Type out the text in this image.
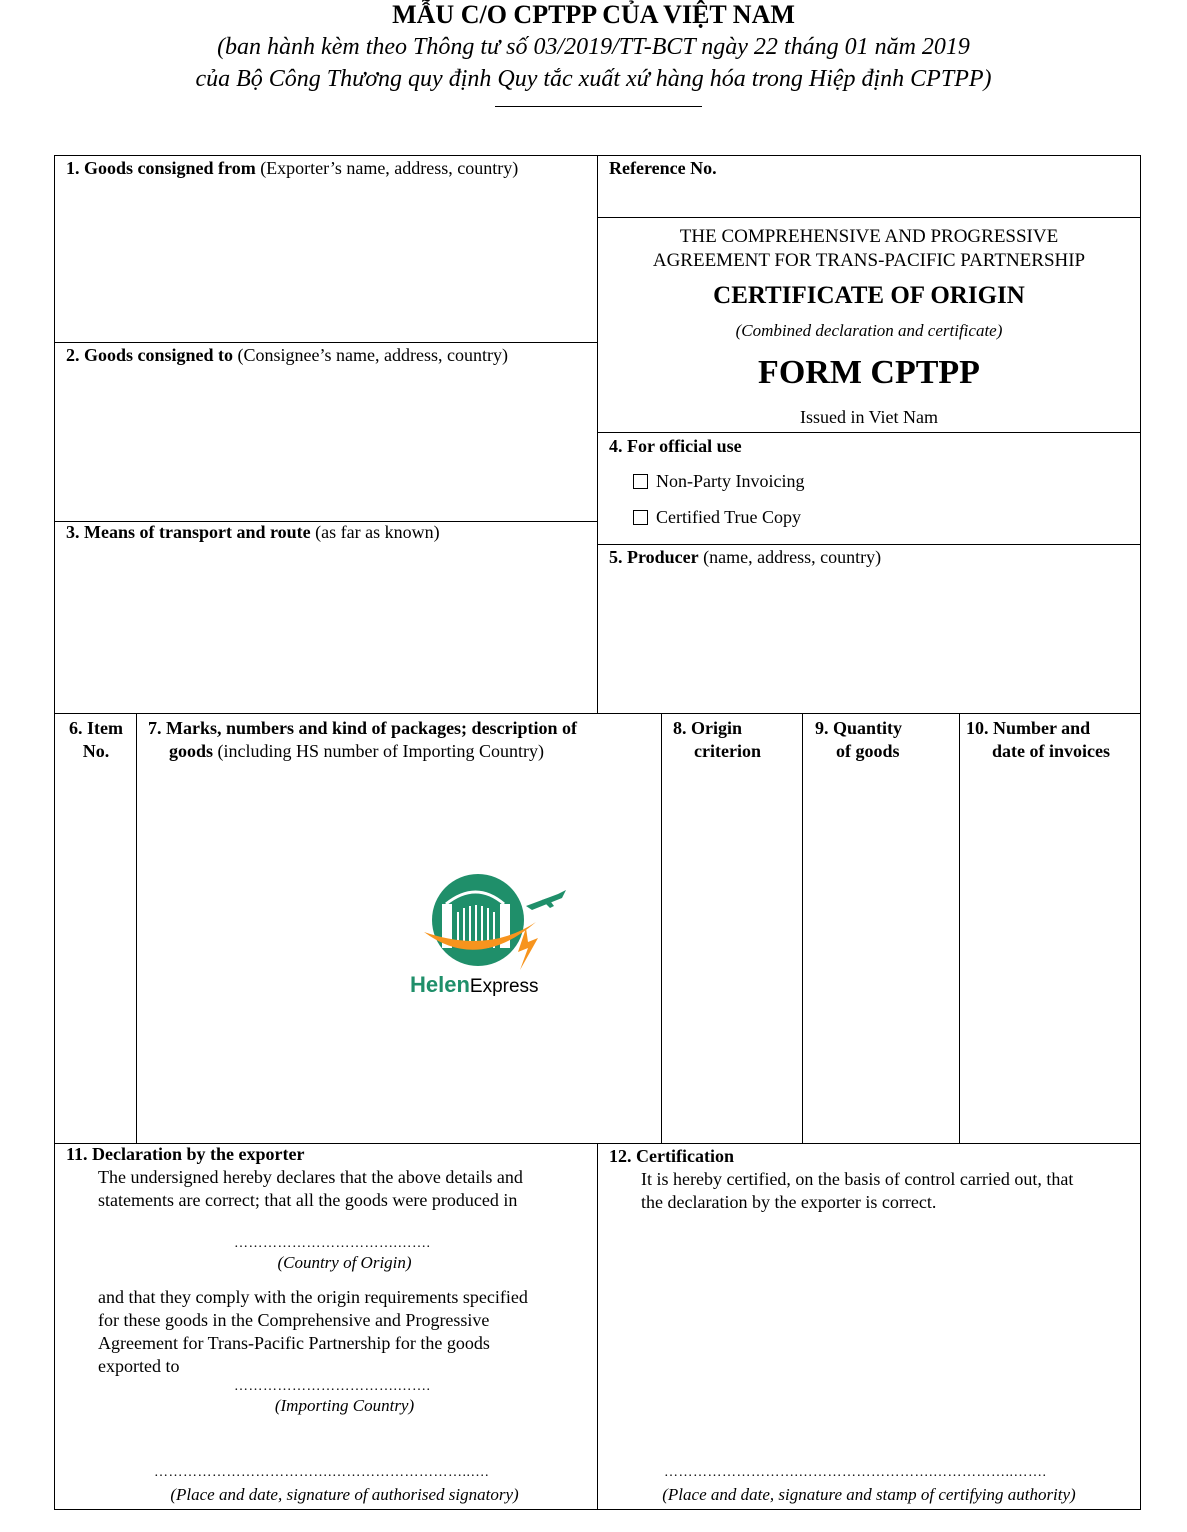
MẪU C/O CPTPP CỦA VIỆT NAM
(ban hành kèm theo Thông tư số 03/2019/TT-BCT ngày 22 tháng 01 năm 2019
của Bộ Công Thương quy định Quy tắc xuất xứ hàng hóa trong Hiệp định CPTPP)
1. Goods consigned from (Exporter’s name, address, country)
2. Goods consigned to (Consignee’s name, address, country)
3. Means of transport and route (as far as known)
Reference No.
THE COMPREHENSIVE AND PROGRESSIVE
AGREEMENT FOR TRANS-PACIFIC PARTNERSHIP
CERTIFICATE OF ORIGIN
(Combined declaration and certificate)
FORM CPTPP
Issued in Viet Nam
4. For official use
Non-Party Invoicing
Certified True Copy
5. Producer (name, address, country)
6. Item
No.
7. Marks, numbers and kind of packages; description of
goods (including HS number of Importing Country)
8. Origin
criterion
9. Quantity
of goods
10. Number and
date of invoices
HelenExpress
11. Declaration by the exporter
The undersigned hereby declares that the above details and
statements are correct; that all the goods were produced in
…………………………….…….
(Country of Origin)
and that they comply with the origin requirements specified
for these goods in the Comprehensive and Progressive
Agreement for Trans-Pacific Partnership for the goods
exported to
…………………………….…….
(Importing Country)
……………………………….………………………..….
(Place and date, signature of authorised signatory)
12. Certification
It is hereby certified, on the basis of control carried out, that
the declaration by the exporter is correct.
……………………….……………………….……………..…….
(Place and date, signature and stamp of certifying authority)
